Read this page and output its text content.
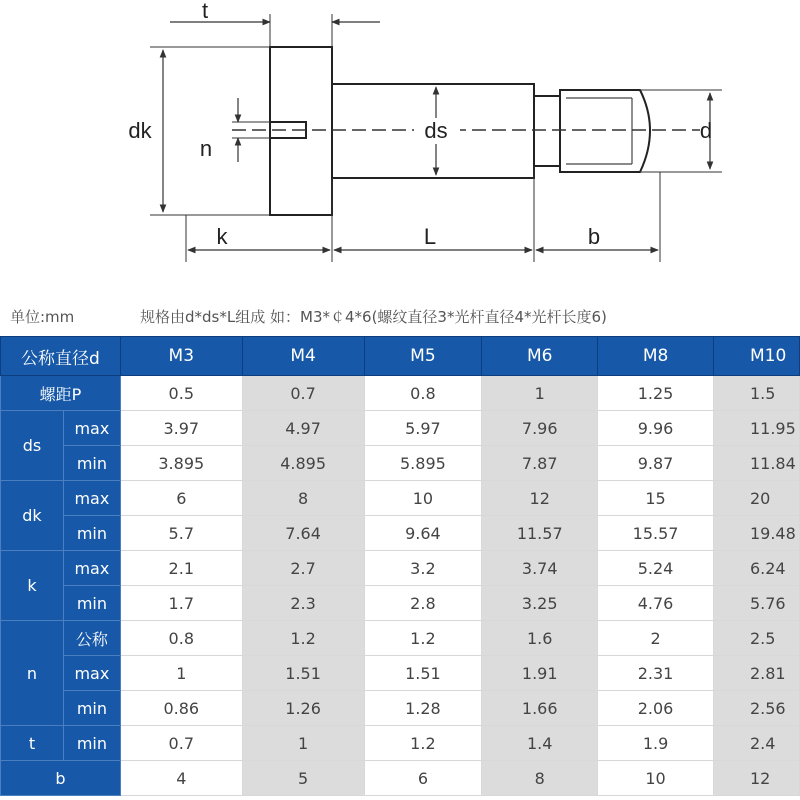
t
dk
n
ds	d
k	L	b
单位:mm	规格由d*ds*L组成 如：M3*￠4*6(螺纹直径3*光杆直径4*光杆长度6)
公称直径d		M3	M4	M5	M6	M8	M10
螺距P		0.5	0.7	0.8	1	1.25	1.5
ds	max	3.97	4.97	5.97	7.96	9.96	11.95
	min	3.895	4.895	5.895	7.87	9.87	11.84
dk	max	6	8	10	12	15	20
	min	5.7	7.64	9.64	11.57	15.57	19.48
k	max	2.1	2.7	3.2	3.74	5.24	6.24
	min	1.7	2.3	2.8	3.25	4.76	5.76
n	公称	0.8	1.2	1.2	1.6	2	2.5
	max	1	1.51	1.51	1.91	2.31	2.81
	min	0.86	1.26	1.28	1.66	2.06	2.56
t	min	0.7	1	1.2	1.4	1.9	2.4
b		4	5	6	8	10	12
